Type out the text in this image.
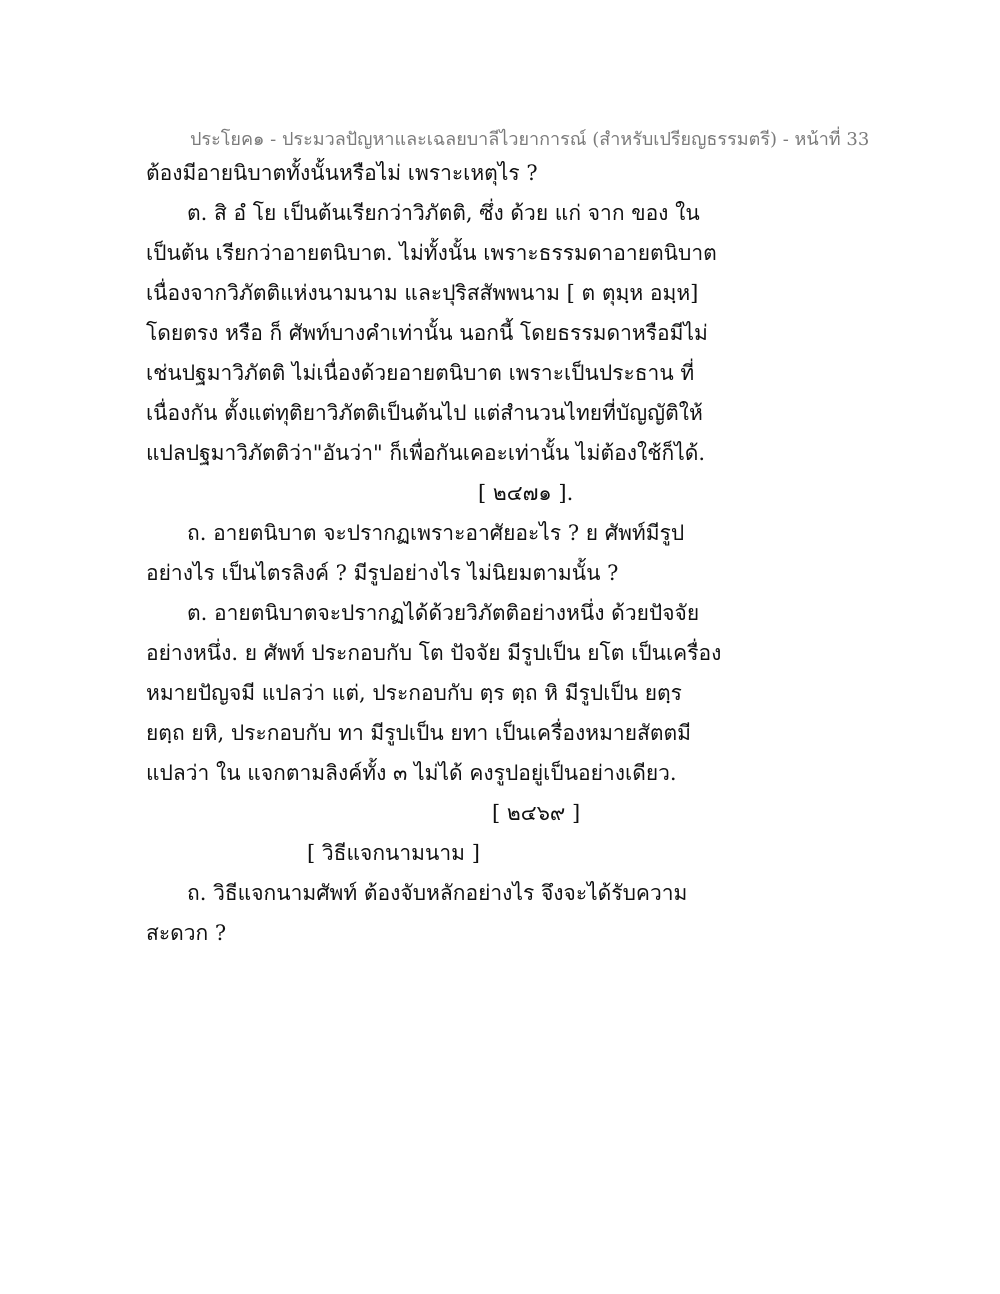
ประโยค๑ - ประมวลปัญหาและเฉลยบาลีไวยาการณ์ (สำหรับเปรียญธรรมตรี) - หน้าที่ 33
ต้องมีอายนิบาตทั้งนั้นหรือไม่ เพราะเหตุไร ?
ต. สิ อํ โย เป็นต้นเรียกว่าวิภัตติ, ซึ่ง ด้วย แก่ จาก ของ ใน
เป็นต้น เรียกว่าอายตนิบาต. ไม่ทั้งนั้น เพราะธรรมดาอายตนิบาต
เนื่องจากวิภัตติแห่งนามนาม และปุริสสัพพนาม [ ต ตุมฺห อมฺห]
โดยตรง หรือ ก็ ศัพท์บางคำเท่านั้น นอกนี้ โดยธรรมดาหรือมีไม่
เช่นปฐมาวิภัตติ ไม่เนื่องด้วยอายตนิบาต เพราะเป็นประธาน ที่
เนื่องกัน ตั้งแต่ทุติยาวิภัตติเป็นต้นไป แต่สำนวนไทยที่บัญญัติให้
แปลปฐมาวิภัตติว่า"อันว่า" ก็เพื่อกันเคอะเท่านั้น ไม่ต้องใช้ก็ได้.
[ ๒๔๗๑ ].
ถ. อายตนิบาต จะปรากฏเพราะอาศัยอะไร ? ย ศัพท์มีรูป
อย่างไร เป็นไตรลิงค์ ? มีรูปอย่างไร ไม่นิยมตามนั้น ?
ต. อายตนิบาตจะปรากฏได้ด้วยวิภัตติอย่างหนึ่ง ด้วยปัจจัย
อย่างหนึ่ง. ย ศัพท์ ประกอบกับ โต ปัจจัย มีรูปเป็น ยโต เป็นเครื่อง
หมายปัญจมี แปลว่า แต่, ประกอบกับ ตฺร ตฺถ หิ มีรูปเป็น ยตฺร
ยตฺถ ยหิ, ประกอบกับ ทา มีรูปเป็น ยทา เป็นเครื่องหมายสัตตมี
แปลว่า ใน แจกตามลิงค์ทั้ง ๓ ไม่ได้ คงรูปอยู่เป็นอย่างเดียว.
[ ๒๔๖๙ ]
[ วิธีแจกนามนาม ]
ถ. วิธีแจกนามศัพท์ ต้องจับหลักอย่างไร จึงจะได้รับความ
สะดวก ?
